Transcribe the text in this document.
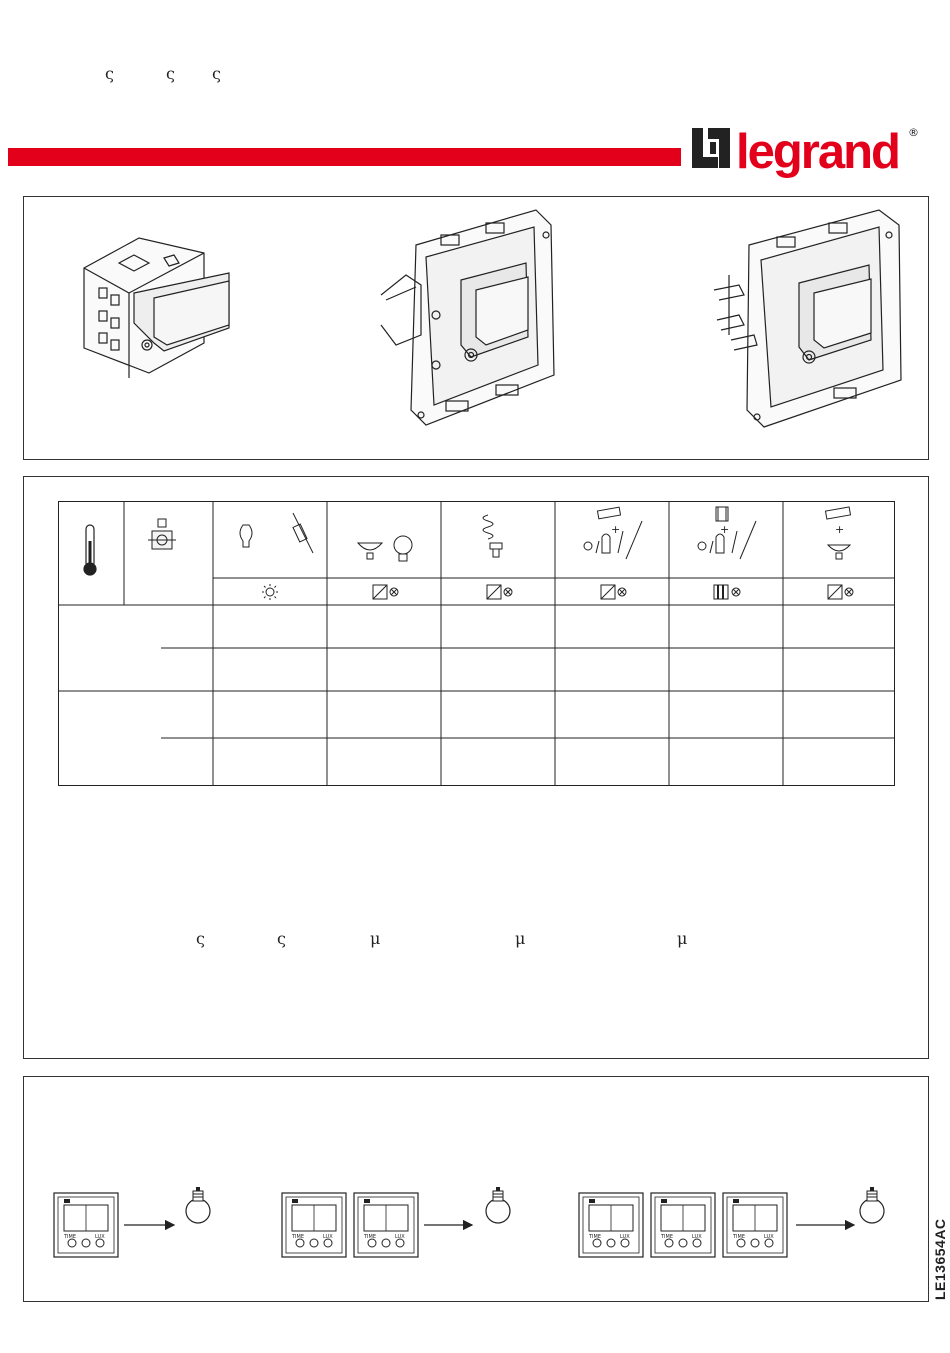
ς	ς ς
legrand ®
+	+	+
ς	ς	μ	μ	μ
TIME	LUX
LE13654AC
